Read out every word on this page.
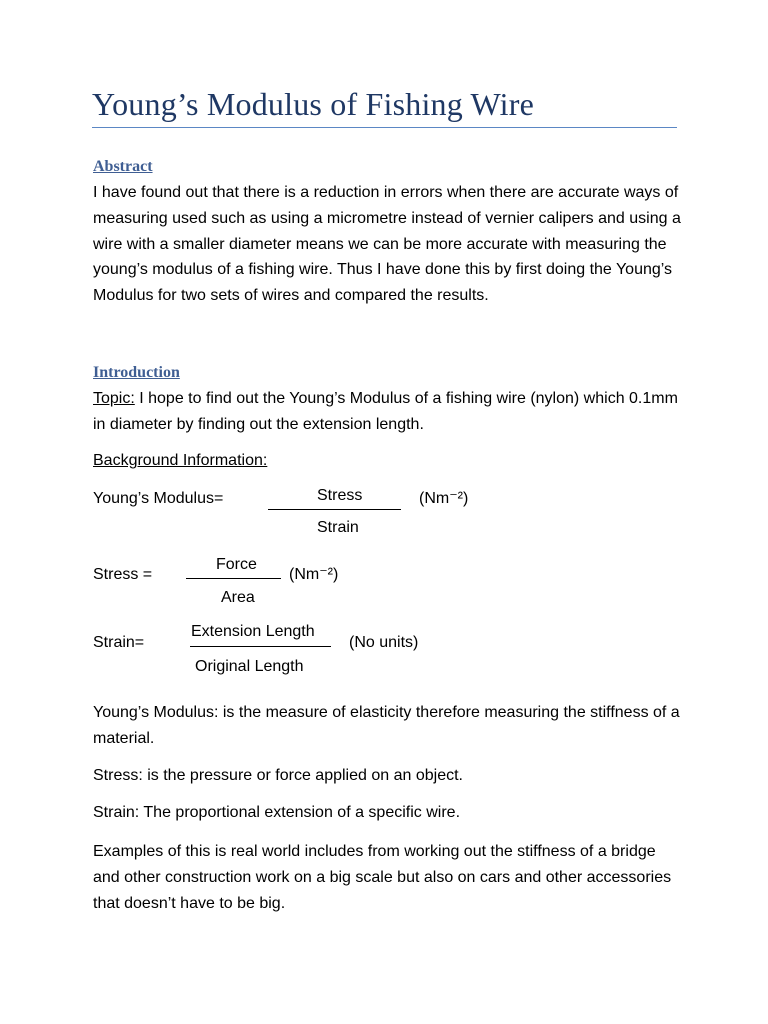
Young’s Modulus of Fishing Wire
Abstract
I have found out that there is a reduction in errors when there are accurate ways of measuring used such as using a micrometre instead of vernier calipers and using a wire with a smaller diameter means we can be more accurate with measuring the young’s modulus of a fishing wire. Thus I have done this by first doing the Young’s Modulus for two sets of wires and compared the results.
Introduction
Topic: I hope to find out the Young’s Modulus of a fishing wire (nylon) which 0.1mm in diameter by finding out the extension length.
Background Information:
Young’s Modulus=	Stress
Strain
(Nm⁻²)
Stress =
Force
Area
(Nm⁻²)
Strain=
Extension Length
Original Length
(No units)
Young’s Modulus: is the measure of elasticity therefore measuring the stiffness of a material.
Stress: is the pressure or force applied on an object.
Strain: The proportional extension of a specific wire.
Examples of this is real world includes from working out the stiffness of a bridge and other construction work on a big scale but also on cars and other accessories that doesn’t have to be big.
